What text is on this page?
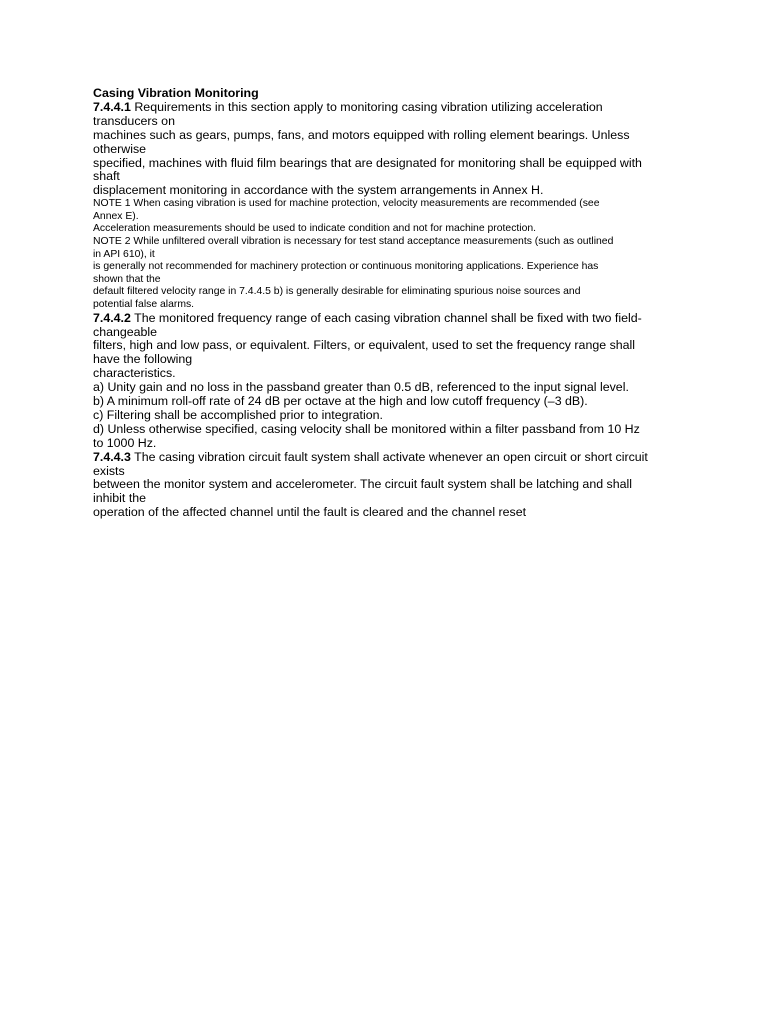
Casing Vibration Monitoring
7.4.4.1 Requirements in this section apply to monitoring casing vibration utilizing acceleration
transducers on
machines such as gears, pumps, fans, and motors equipped with rolling element bearings. Unless
otherwise
specified, machines with fluid film bearings that are designated for monitoring shall be equipped with
shaft
displacement monitoring in accordance with the system arrangements in Annex H.
NOTE 1 When casing vibration is used for machine protection, velocity measurements are recommended (see
Annex E).
Acceleration measurements should be used to indicate condition and not for machine protection.
NOTE 2 While unfiltered overall vibration is necessary for test stand acceptance measurements (such as outlined
in API 610), it
is generally not recommended for machinery protection or continuous monitoring applications. Experience has
shown that the
default filtered velocity range in 7.4.4.5 b) is generally desirable for eliminating spurious noise sources and
potential false alarms.
7.4.4.2 The monitored frequency range of each casing vibration channel shall be fixed with two field-
changeable
filters, high and low pass, or equivalent. Filters, or equivalent, used to set the frequency range shall
have the following
characteristics.
a) Unity gain and no loss in the passband greater than 0.5 dB, referenced to the input signal level.
b) A minimum roll-off rate of 24 dB per octave at the high and low cutoff frequency (–3 dB).
c) Filtering shall be accomplished prior to integration.
d) Unless otherwise specified, casing velocity shall be monitored within a filter passband from 10 Hz
to 1000 Hz.
7.4.4.3 The casing vibration circuit fault system shall activate whenever an open circuit or short circuit
exists
between the monitor system and accelerometer. The circuit fault system shall be latching and shall
inhibit the
operation of the affected channel until the fault is cleared and the channel reset
